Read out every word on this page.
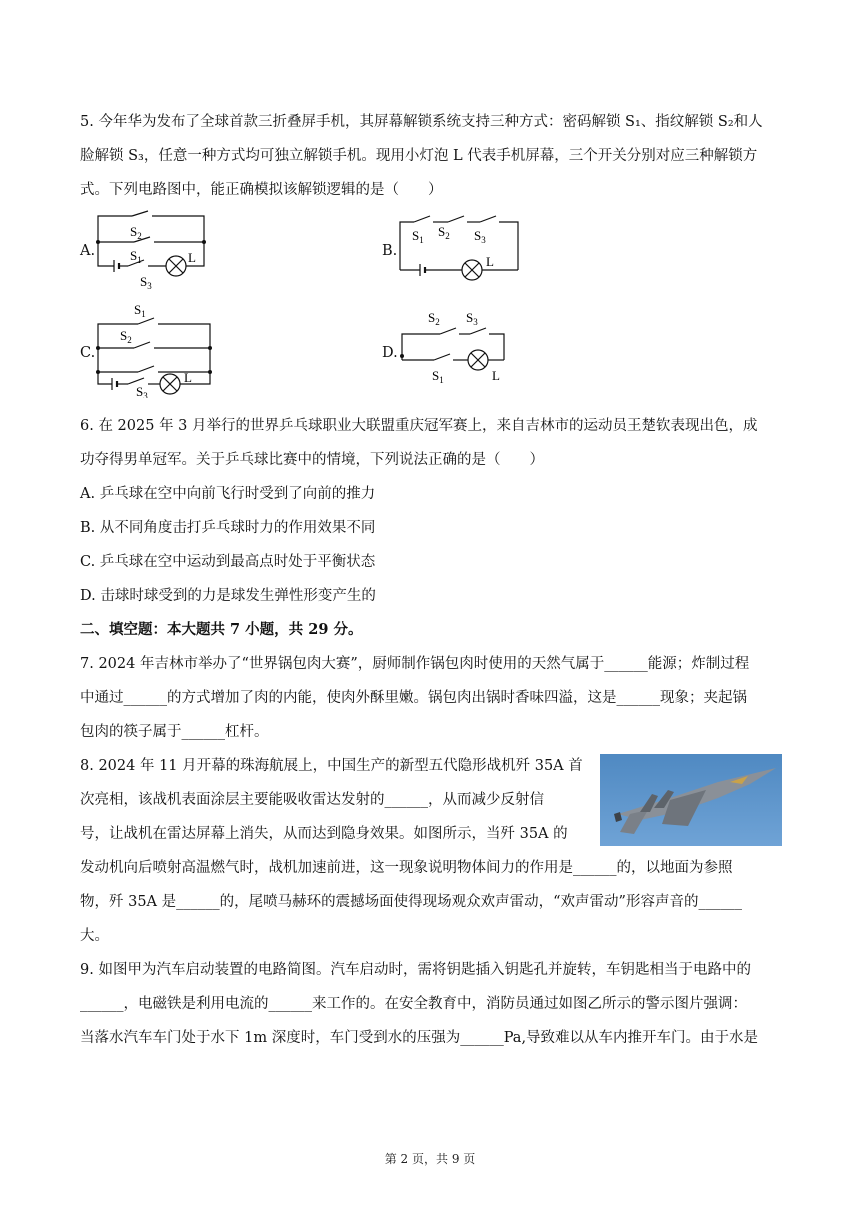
5. 今年华为发布了全球首款三折叠屏手机，其屏幕解锁系统支持三种方式：密码解锁 S₁、指纹解锁 S₂和人
脸解锁 S₃，任意一种方式均可独立解锁手机。现用小灯泡 L 代表手机屏幕，三个开关分别对应三种解锁方
式。下列电路图中，能正确模拟该解锁逻辑的是（　　）
A.
$S_2$
$S_1$
$S_3$
L	B.
$S_1$
$S_2$ $S_3$
L
C.
$S_1$
$S_2$
$S_3$
L
D.
$S_2$ $S_3$
$S_1$	L
6. 在 2025 年 3 月举行的世界乒乓球职业大联盟重庆冠军赛上，来自吉林市的运动员王楚钦表现出色，成
功夺得男单冠军。关于乒乓球比赛中的情境，下列说法正确的是（　　）
A. 乒乓球在空中向前飞行时受到了向前的推力
B. 从不同角度击打乒乓球时力的作用效果不同
C. 乒乓球在空中运动到最高点时处于平衡状态
D. 击球时球受到的力是球发生弹性形变产生的
二、填空题：本大题共 7 小题，共 29 分。
7. 2024 年吉林市举办了“世界锅包肉大赛”，厨师制作锅包肉时使用的天然气属于______能源；炸制过程
中通过______的方式增加了肉的内能，使肉外酥里嫩。锅包肉出锅时香味四溢，这是______现象；夹起锅
包肉的筷子属于______杠杆。
8. 2024 年 11 月开幕的珠海航展上，中国生产的新型五代隐形战机歼 35A 首
次亮相，该战机表面涂层主要能吸收雷达发射的______，从而减少反射信
号，让战机在雷达屏幕上消失，从而达到隐身效果。如图所示，当歼 35A 的
发动机向后喷射高温燃气时，战机加速前进，这一现象说明物体间力的作用是______的，以地面为参照
物，歼 35A 是______的，尾喷马赫环的震撼场面使得现场观众欢声雷动，“欢声雷动”形容声音的______
大。
9. 如图甲为汽车启动装置的电路简图。汽车启动时，需将钥匙插入钥匙孔并旋转，车钥匙相当于电路中的
______，电磁铁是利用电流的______来工作的。在安全教育中，消防员通过如图乙所示的警示图片强调：
当落水汽车车门处于水下 1m 深度时，车门受到水的压强为______Pa,导致难以从车内推开车门。由于水是
第 2 页，共 9 页
